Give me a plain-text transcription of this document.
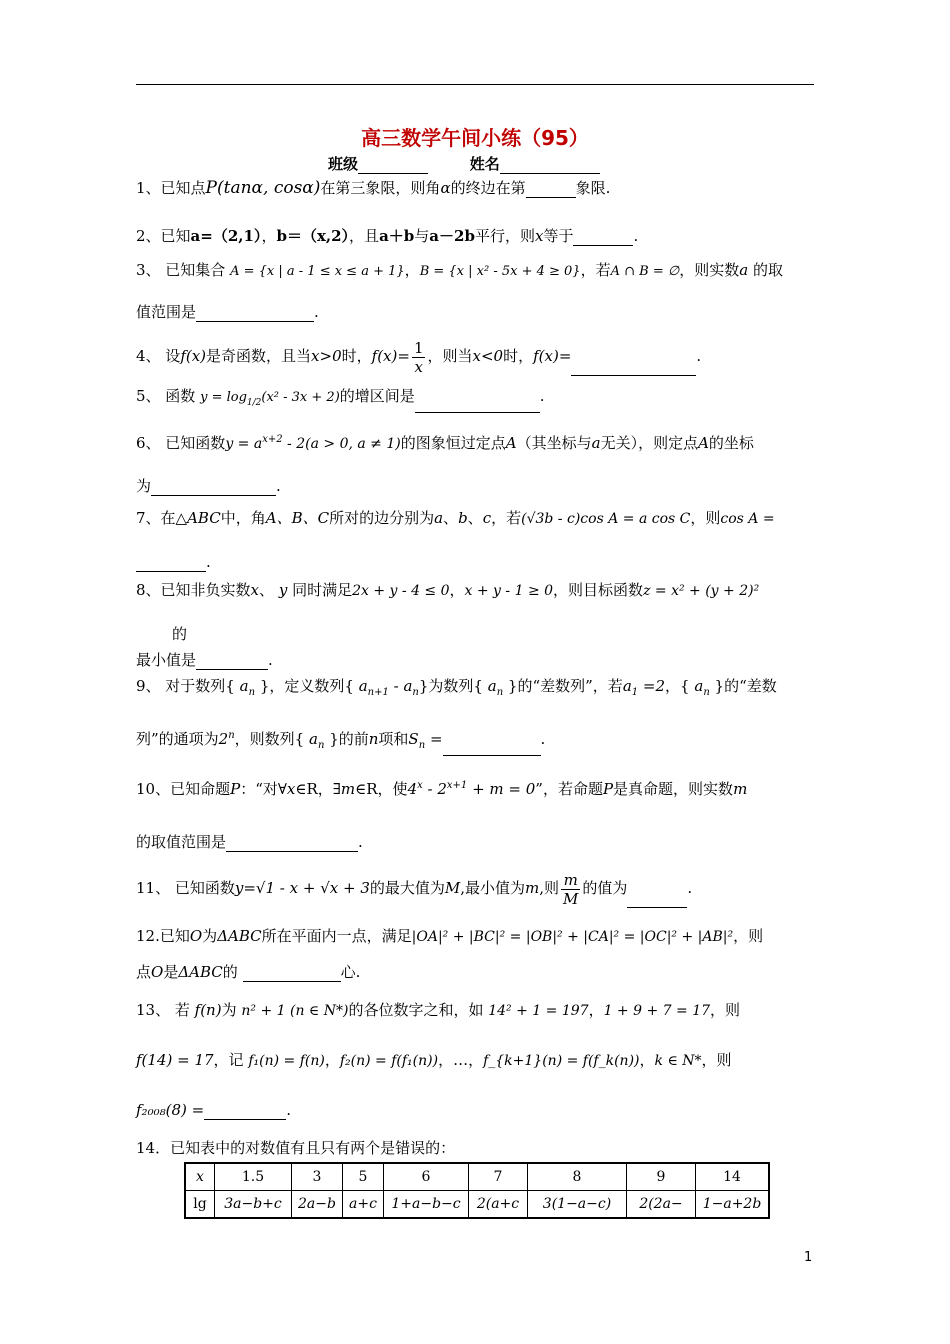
高三数学午间小练（95）
班级	姓名
1、已知点P(tanα, cosα)在第三象限，则角α的终边在第	象限.
2、已知a=（2,1），b＝（x,2），且a＋b与a－2b平行，则x等于	.
3、 已知集合 A = {x | a - 1 ≤ x ≤ a + 1}，B = {x | x² - 5x + 4 ≥ 0}，若A ∩ B = ∅，则实数a 的取
值范围是	.
4、 设f(x)是奇函数，且当x>0时，$f(x)= \frac{1}{x}$ ，则当x<0时，f(x)=	.
5、 函数 $y = \log_{1/2}(x^2 - 3x + 2)$的增区间是	.
6、 已知函数$y = a^{x+2} - 2(a > 0$, a ≠ 1)的图象恒过定点A（其坐标与a无关），则定点A的坐标
为	.
7、在△ABC中，角A、B、C所对的边分别为a、b、c，若(√3b - c)cos A = a cos C，则cos A =
.
8、已知非负实数x、 y 同时满足2x + y - 4 ≤ 0，x + y - 1 ≥ 0，则目标函数z = x² + (y + 2)²
的
最小值是	.
9、 对于数列{ $a_n$ }，定义数列{ $a_{n+1} - a_n$}为数列{ $a_n$ }的“差数列”，若$a_1 =2$，{ $a_n$ }的“差数
列”的通项为2$^n$，则数列{ $a_n$ }的前n项和$S_n$ =	.
10、已知命题P：“对∀x∈R，∃m∈R，使$4^x - 2^{x+1} + m = 0$”，若命题P是真命题，则实数m
的取值范围是	.
11、 已知函数y=√1 - x + √x + 3的最大值为M,最小值为m,则 $\frac{m}{M}$ 的值为	.
12.已知O为ΔABC所在平面内一点，满足|OA|² + |BC|² = |OB|² + |CA|² = |OC|² + |AB|²，则
点O是ΔABC的	心.
13、 若 f(n)为 n² + 1 (n ∈ N*)的各位数字之和，如 14² + 1 = 197，1 + 9 + 7 = 17，则
f(14) = 17，记 f₁(n) = f(n)，f₂(n) = f(f₁(n))，…，f_{k+1}(n) = f(f_k(n))，k ∈ N*，则
f₂₀₀₈(8) =	.
14．已知表中的对数值有且只有两个是错误的：
x	1.5	3	5	6	7	8	9	14
lg	3a−b+c	2a−b	a+c	1+a−b−c	2(a+c	3(1−a−c)	2(2a−	1−a+2b
1
